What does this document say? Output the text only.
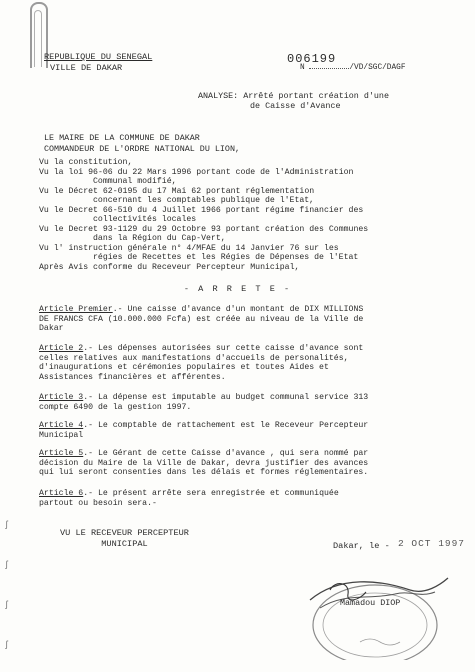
ʃ
ʃ
ʃ
ʃ
REPUBLIQUE DU SENEGAL
VILLE DE DAKAR
006199
N	/VD/SGC/DAGF
ANALYSE: Arrêté portant création d'une
de Caisse d'Avance
LE MAIRE DE LA COMMUNE DE DAKAR
COMMANDEUR DE L'ORDRE NATIONAL DU LION,
Vu la constitution,
Vu la loi 96-06 du 22 Mars 1996 portant code de l'Administration
Communal modifié,
Vu le Décret 62-0195 du 17 Mai 62 portant réglementation
concernant les comptables publique de l'Etat,
Vu le Decret 66-510 du 4 Juillet 1966 portant régime financier des
collectivités locales
Vu le Decret 93-1129 du 29 Octobre 93 portant création des Communes
dans la Région du Cap-Vert,
Vu l' instruction générale n° 4/MFAE du 14 Janvier 76 sur les
régies de Recettes et les Régies de Dépenses de l'Etat
Après Avis conforme du Receveur Percepteur Municipal,
- A R R E T E -

Article Premier.- Une caisse d'avance d'un montant de DIX MILLIONS

DE FRANCS CFA (10.000.000 Fcfa) est créée au niveau de la Ville de

Dakar

Article 2.- Les dépenses autorisées sur cette caisse d'avance sont

celles relatives aux manifestations d'accueils de personalités,

d'inaugurations et cérémonies populaires et toutes Aides et

Assistances financières et afférentes.

Article 3.- La dépense est imputable au budget communal service 313

compte 6490 de la gestion 1997.

Article 4.- Le comptable de rattachement est le Receveur Percepteur

Municipal

Article 5.- Le Gérant de cette Caisse d'avance , qui sera nommé par

décision du Maire de la Ville de Dakar, devra justifier des avances

qui lui seront consenties dans les délais et formes réglementaires.

Article 6.- Le présent arrête sera enregistrée et communiquée

partout ou besoin sera.-

VU LE RECEVEUR PERCEPTEUR
MUNICIPAL	Dakar, le - 2 OCT 1997
Mamadou DIOP
